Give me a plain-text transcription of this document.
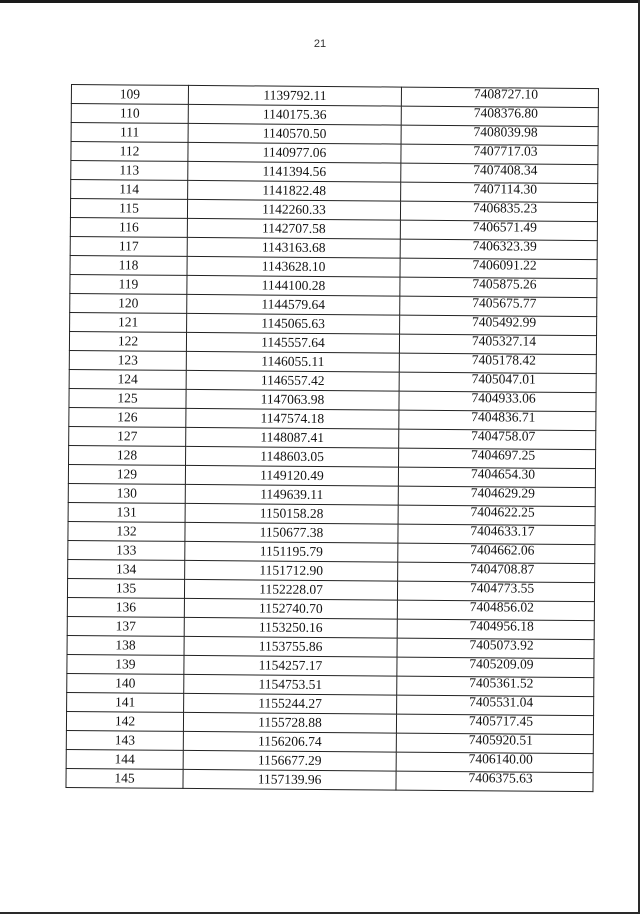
21
109	1139792.11	7408727.10
110	1140175.36	7408376.80
111	1140570.50	7408039.98
112	1140977.06	7407717.03
113	1141394.56	7407408.34
114	1141822.48	7407114.30
115	1142260.33	7406835.23
116	1142707.58	7406571.49
117	1143163.68	7406323.39
118	1143628.10	7406091.22
119	1144100.28	7405875.26
120	1144579.64	7405675.77
121	1145065.63	7405492.99
122	1145557.64	7405327.14
123	1146055.11	7405178.42
124	1146557.42	7405047.01
125	1147063.98	7404933.06
126	1147574.18	7404836.71
127	1148087.41	7404758.07
128	1148603.05	7404697.25
129	1149120.49	7404654.30
130	1149639.11	7404629.29
131	1150158.28	7404622.25
132	1150677.38	7404633.17
133	1151195.79	7404662.06
134	1151712.90	7404708.87
135	1152228.07	7404773.55
136	1152740.70	7404856.02
137	1153250.16	7404956.18
138	1153755.86	7405073.92
139	1154257.17	7405209.09
140	1154753.51	7405361.52
141	1155244.27	7405531.04
142	1155728.88	7405717.45
143	1156206.74	7405920.51
144	1156677.29	7406140.00
145	1157139.96	7406375.63
